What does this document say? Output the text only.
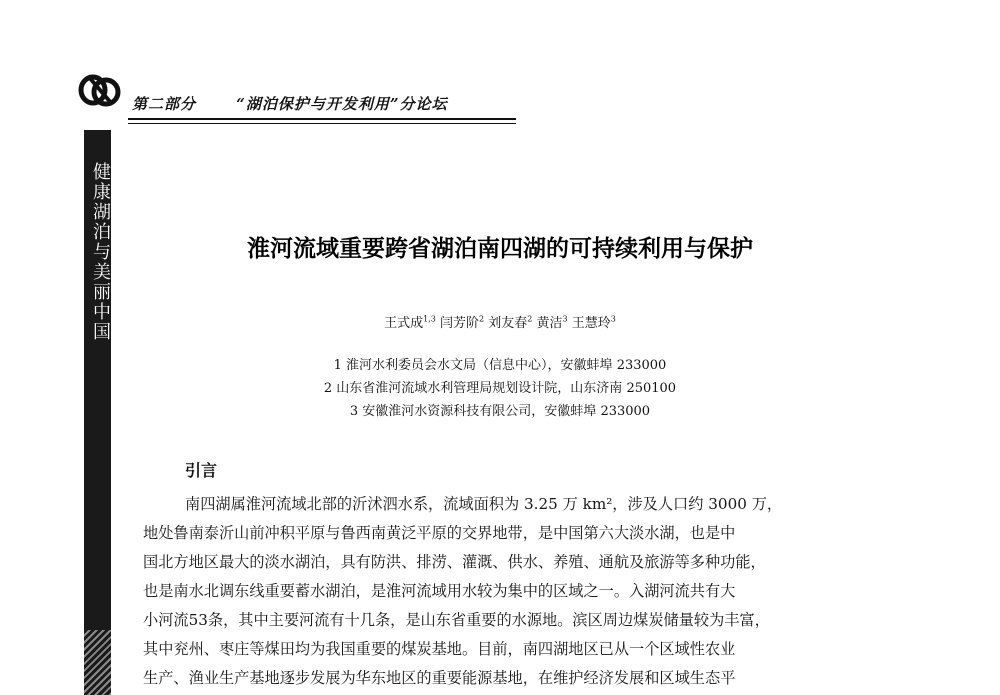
第二部分	“湖泊保护与开发利用”分论坛
健康湖泊与美丽中国	淮河流域重要跨省湖泊南四湖的可持续利用与保护
王式成$^{1,3}$ 闫芳阶$^2$ 刘友春$^2$ 黄洁$^3$ 王慧玲$^3$
1 淮河水利委员会水文局（信息中心），安徽蚌埠 233000
2 山东省淮河流域水利管理局规划设计院，山东济南 250100
3 安徽淮河水资源科技有限公司，安徽蚌埠 233000
引言
南四湖属淮河流域北部的沂沭泗水系，流域面积为 3.25 万 km²，涉及人口约 3000 万，
地处鲁南泰沂山前冲积平原与鲁西南黄泛平原的交界地带，是中国第六大淡水湖，也是中
国北方地区最大的淡水湖泊，具有防洪、排涝、灌溉、供水、养殖、通航及旅游等多种功能，
也是南水北调东线重要蓄水湖泊，是淮河流域用水较为集中的区域之一。入湖河流共有大
小河流53条，其中主要河流有十几条，是山东省重要的水源地。滨区周边煤炭储量较为丰富，
其中兖州、枣庄等煤田均为我国重要的煤炭基地。目前，南四湖地区已从一个区域性农业
生产、渔业生产基地逐步发展为华东地区的重要能源基地，在维护经济发展和区域生态平
